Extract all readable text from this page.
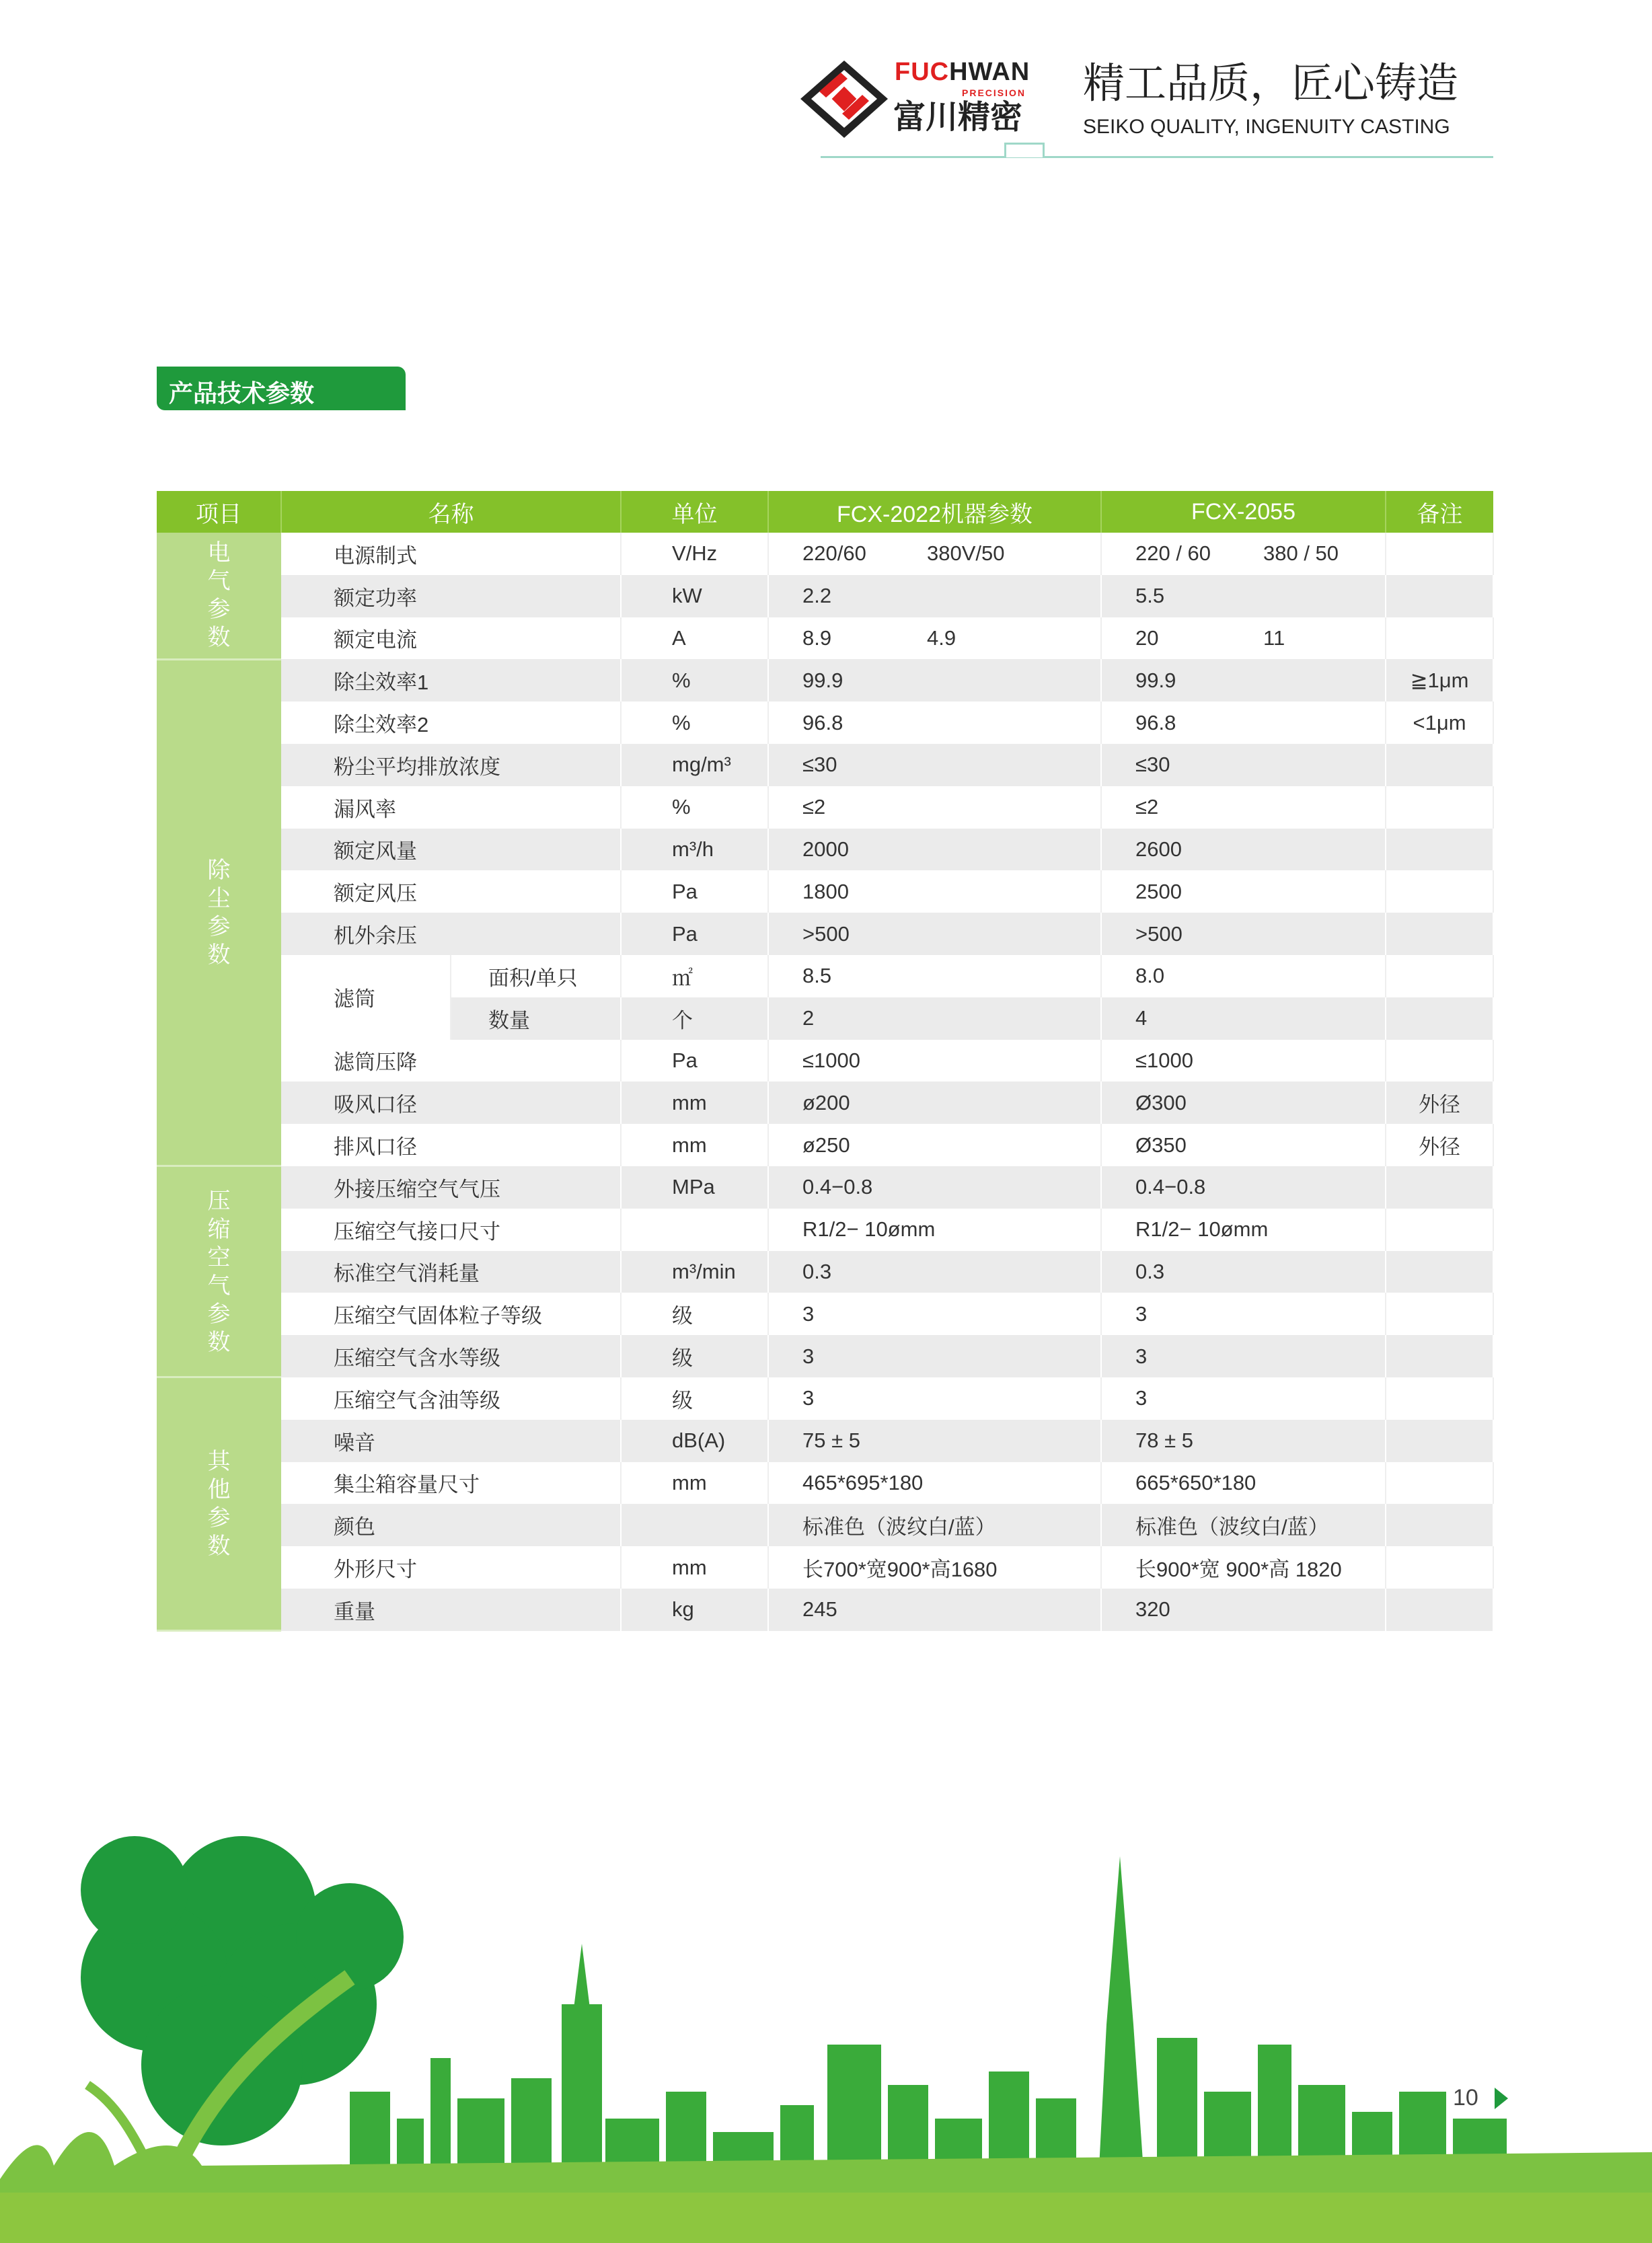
FUCHWAN
PRECISION
富川精密
精工品质，匠心铸造
SEIKO QUALITY, INGENUITY CASTING
产品技术参数
项目	名称		单位	FCX-2022机器参数	FCX-2055	备注
电气参数	电源制式		V/Hz	220/60 380V/50	220 / 60 380 / 50	

	额定功率		kW	2.2	5.5

	额定电流		A	8.9 4.9	20 11	

除尘参数	除尘效率1		%	99.9	99.9	≧1μm
	除尘效率2		%	96.8	96.8	<1μm
	粉尘平均排放浓度		mg/m³	≤30	≤30

	漏风率		%	≤2	≤2

	额定风量		m³/h	2000	2600

	额定风压		Pa	1800	2500

	机外余压		Pa	>500	>500

	滤筒	面积/单只	㎡	8.5	8.0

		数量	个	2	4

	滤筒压降		Pa	≤1000	≤1000

	吸风口径		mm	ø200	Ø300	外径
	排风口径		mm	ø250	Ø350	外径
压缩空气参数	外接压缩空气气压		MPa	0.4−0.8	0.4−0.8

	压缩空气接口尺寸			R1/2− 10ømm	R1/2− 10ømm

	标准空气消耗量		m³/min	0.3	0.3

	压缩空气固体粒子等级		级	3	3

	压缩空气含水等级		级	3	3

其他参数	压缩空气含油等级		级	3	3

	噪音		dB(A)	75 ± 5	78 ± 5

	集尘箱容量尺寸		mm	465*695*180	665*650*180

	颜色			标准色（波纹白/蓝）	标准色（波纹白/蓝）

	外形尺寸		mm	长700*宽900*高1680	长900*宽 900*高 1820

	重量		kg	245	320

10
